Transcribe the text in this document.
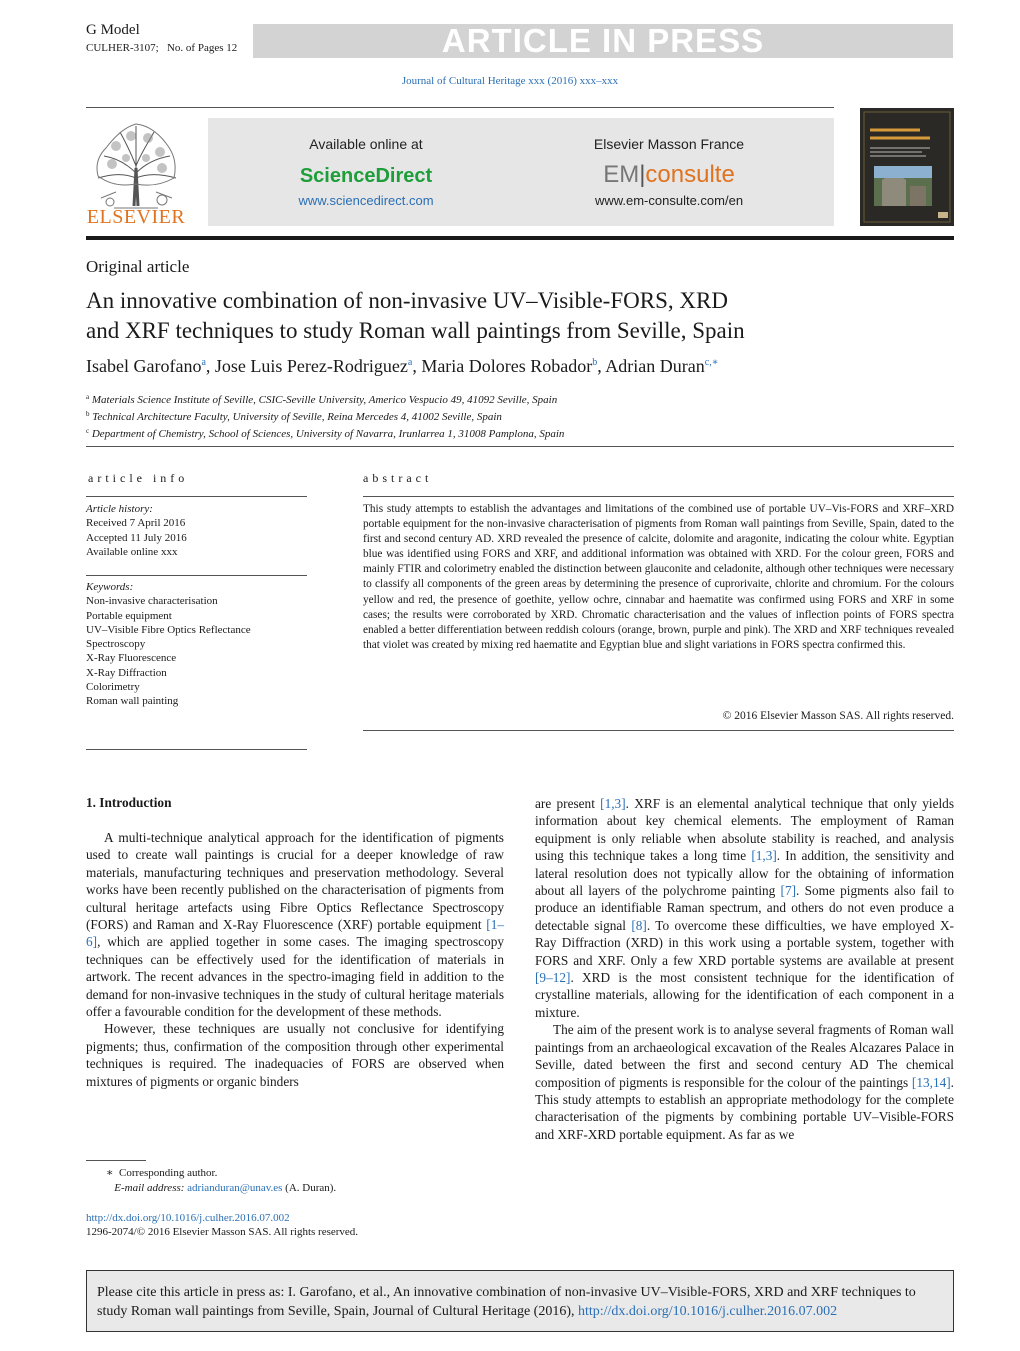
G Model
CULHER-3107; No. of Pages 12	ARTICLE IN PRESS
Journal of Cultural Heritage xxx (2016) xxx–xxx
ELSEVIER
Available online at
ScienceDirect
www.sciencedirect.com
Elsevier Masson France
EM|consulte
www.em-consulte.com/en
Original article
An innovative combination of non-invasive UV–Visible-FORS, XRD
and XRF techniques to study Roman wall paintings from Seville, Spain
Isabel Garofano$^a$, Jose Luis Perez-Rodriguez$^a$, Maria Dolores Robador$^b$, Adrian Duran$^{c,∗}$
$^a$ Materials Science Institute of Seville, CSIC-Seville University, Americo Vespucio 49, 41092 Seville, Spain
$^b$ Technical Architecture Faculty, University of Seville, Reina Mercedes 4, 41002 Seville, Spain
$^c$ Department of Chemistry, School of Sciences, University of Navarra, Irunlarrea 1, 31008 Pamplona, Spain
article info	abstract
Article history:
Received 7 April 2016
Accepted 11 July 2016
Available online xxx
Keywords:
Non-invasive characterisation
Portable equipment
UV–Visible Fibre Optics Reflectance
Spectroscopy
X-Ray Fluorescence
X-Ray Diffraction
Colorimetry
Roman wall painting
This study attempts to establish the advantages and limitations of the combined use of portable UV–Vis-FORS and XRF–XRD portable equipment for the non-invasive characterisation of pigments from Roman wall paintings from Seville, Spain, dated to the first and second century AD. XRD revealed the presence of calcite, dolomite and aragonite, indicating the colour white. Egyptian blue was identified using FORS and XRF, and additional information was obtained with XRD. For the colour green, FORS and mainly FTIR and colorimetry enabled the distinction between glauconite and celadonite, although other techniques were necessary to classify all components of the green areas by determining the presence of cuprorivaite, chlorite and chromium. For the colours yellow and red, the presence of goethite, yellow ochre, cinnabar and haematite was confirmed using FORS and XRF in some cases; the results were corroborated by XRD. Chromatic characterisation and the values of inflection points of FORS spectra enabled a better differentiation between reddish colours (orange, brown, purple and pink). The XRD and XRF techniques revealed that violet was created by mixing red haematite and Egyptian blue and slight variations in FORS spectra confirmed this.
© 2016 Elsevier Masson SAS. All rights reserved.
1. Introduction

A multi-technique analytical approach for the identification of pigments used to create wall paintings is crucial for a deeper knowledge of raw materials, manufacturing techniques and preservation methodology. Several works have been recently published on the characterisation of pigments from cultural heritage artefacts using Fibre Optics Reflectance Spectroscopy (FORS) and Raman and X-Ray Fluorescence (XRF) portable equipment [1–6], which are applied together in some cases. The imaging spectroscopy techniques can be effectively used for the identification of materials in artwork. The recent advances in the spectro-imaging field in addition to the demand for non-invasive techniques in the study of cultural heritage materials offer a favourable condition for the development of these methods.

However, these techniques are usually not conclusive for identifying pigments; thus, confirmation of the composition through other experimental techniques is required. The inadequacies of FORS are observed when mixtures of pigments or organic binders

are present [1,3]. XRF is an elemental analytical technique that only yields information about key chemical elements. The employment of Raman equipment is only reliable when absolute stability is reached, and analysis using this technique takes a long time [1,3]. In addition, the sensitivity and lateral resolution does not typically allow for the obtaining of information about all layers of the polychrome painting [7]. Some pigments also fail to produce an identifiable Raman spectrum, and others do not even produce a detectable signal [8]. To overcome these difficulties, we have employed X-Ray Diffraction (XRD) in this work using a portable system, together with FORS and XRF. Only a few XRD portable systems are available at present [9–12]. XRD is the most consistent technique for the identification of crystalline materials, allowing for the identification of each component in a mixture.

The aim of the present work is to analyse several fragments of Roman wall paintings from an archaeological excavation of the Reales Alcazares Palace in Seville, dated between the first and second century AD The chemical composition of pigments is responsible for the colour of the paintings [13,14]. This study attempts to establish an appropriate methodology for the complete characterisation of the pigments by combining portable UV–Visible-FORS and XRF-XRD portable equipment. As far as we

∗ Corresponding author.
E-mail address: adrianduran@unav.es (A. Duran).
http://dx.doi.org/10.1016/j.culher.2016.07.002
1296-2074/© 2016 Elsevier Masson SAS. All rights reserved.
Please cite this article in press as: I. Garofano, et al., An innovative combination of non-invasive UV–Visible-FORS, XRD and XRF techniques to study Roman wall paintings from Seville, Spain, Journal of Cultural Heritage (2016), http://dx.doi.org/10.1016/j.culher.2016.07.002
